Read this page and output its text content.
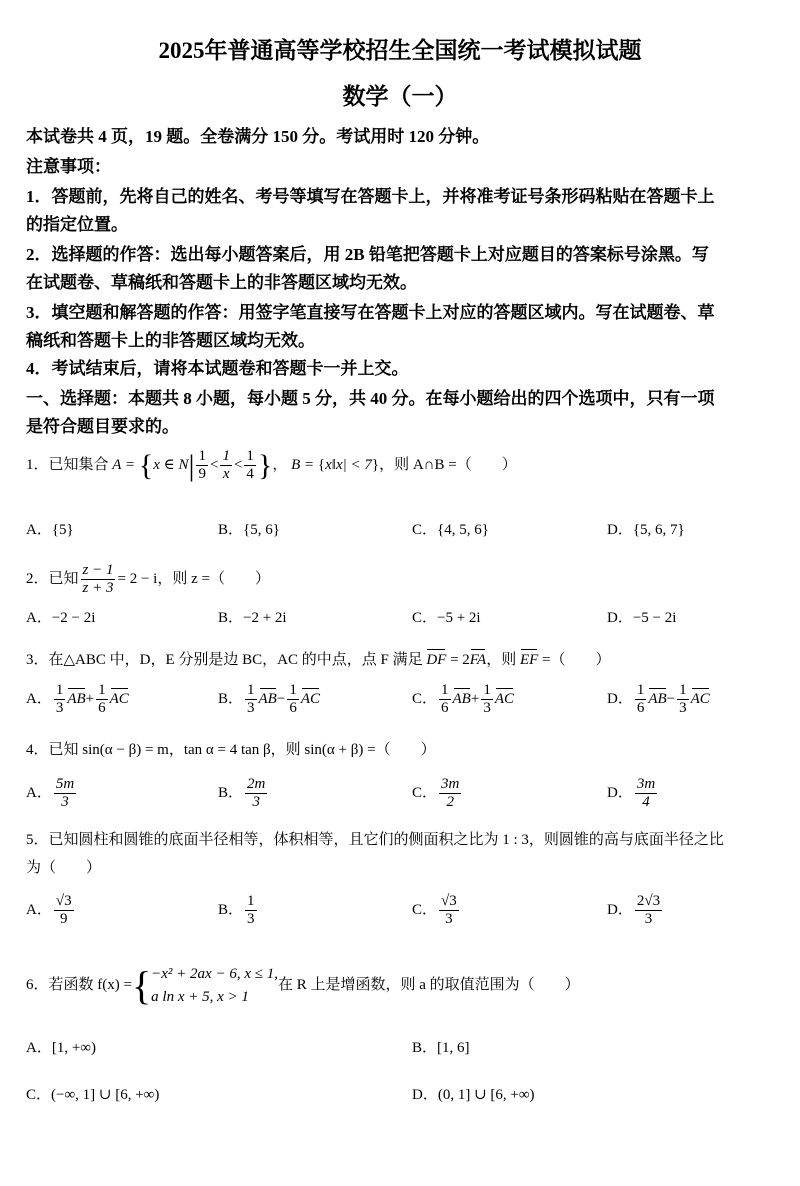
2025年普通高等学校招生全国统一考试模拟试题
数学（一）
本试卷共 4 页，19 题。全卷满分 150 分。考试用时 120 分钟。
注意事项：
1．答题前，先将自己的姓名、考号等填写在答题卡上，并将准考证号条形码粘贴在答题卡上
的指定位置。
2．选择题的作答：选出每小题答案后，用 2B 铅笔把答题卡上对应题目的答案标号涂黑。写
在试题卷、草稿纸和答题卡上的非答题区域均无效。
3．填空题和解答题的作答：用签字笔直接写在答题卡上对应的答题区域内。写在试题卷、草
稿纸和答题卡上的非答题区域均无效。
4．考试结束后，请将本试题卷和答题卡一并上交。
一、选择题：本题共 8 小题，每小题 5 分，共 40 分。在每小题给出的四个选项中，只有一项
是符合题目要求的。
1．已知集合 A = {x ∈ $N| \frac{1}{9} < \frac{1}{x} < \frac{1}{4}$ }， B = {x‖x| < 7}，则 A∩B =（　　）
A．{5}	B．{5, 6}	C．{4, 5, 6}	D．{5, 6, 7}
2．已知 $\frac{z - 1}{z + 3} = 2 - i$，则 z =（　　）
A．−2 − 2i	B．−2 + 2i	C．−5 + 2i	D．−5 − 2i
3．在△ABC 中，D，E 分别是边 BC，AC 的中点，点 F 满足 DF = 2FA，则 EF =（　　）
A． $\frac{1}{3} AB+ \frac{1}{6}$ AC	B． $\frac{1}{3} AB- \frac{1}{6}$ AC	C． $\frac{1}{6} AB+ \frac{1}{3}$ AC	D． $\frac{1}{6} AB- \frac{1}{3}$ AC
4．已知 sin(α − β) = m，tan α = 4 tan β，则 sin(α + β) =（　　）
A． $\frac{5m}{3}$	B． $\frac{2m}{3}$	C． $\frac{3m}{2}$	D． $\frac{3m}{4}$
5．已知圆柱和圆锥的底面半径相等，体积相等，且它们的侧面积之比为 1 : 3，则圆锥的高与底面半径之比
为（　　）
A． $\frac{√3}{9}$	B． $\frac{1}{3}$	C． $\frac{√3}{3}$	D． $\frac{2√3}{3}$
6．若函数 f(x) ={ −x² + 2ax − 6, x ≤ 1,
a ln x + 5, x > 1
在 R 上是增函数，则 a 的取值范围为（　　）
A．[1, +∞)	B．[1, 6]
C．(−∞, 1] ∪ [6, +∞)	D．(0, 1] ∪ [6, +∞)
